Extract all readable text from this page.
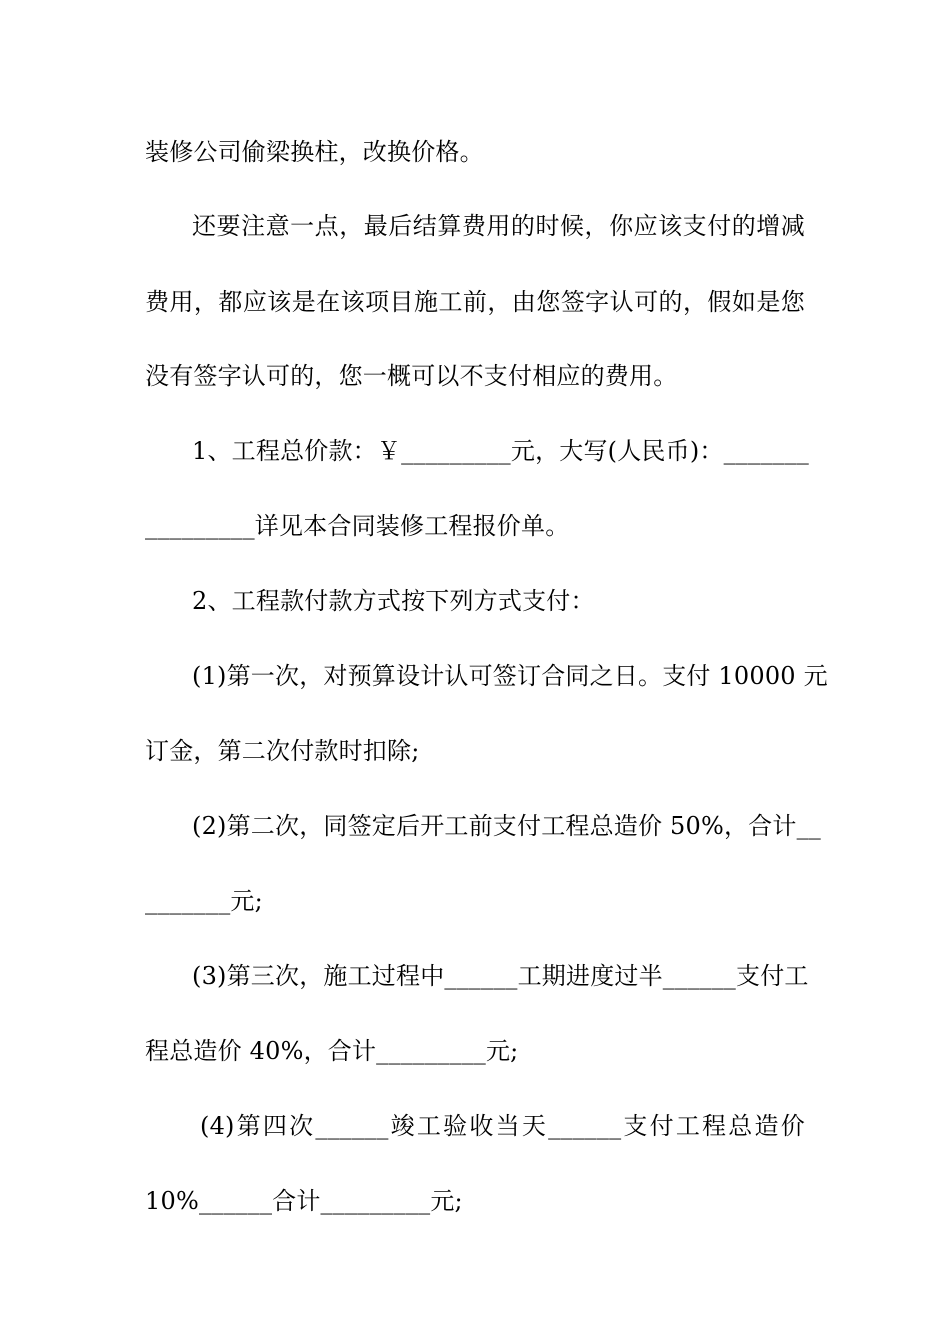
装修公司偷梁换柱，改换价格。
还要注意一点，最后结算费用的时候，你应该支付的增减
费用，都应该是在该项目施工前，由您签字认可的，假如是您
没有签字认可的，您一概可以不支付相应的费用。
1、工程总价款：￥_________元，大写(人民币)：_______
_________详见本合同装修工程报价单。
2、工程款付款方式按下列方式支付：
(1)第一次，对预算设计认可签订合同之日。支付 10000 元
订金，第二次付款时扣除;
(2)第二次，同签定后开工前支付工程总造价 50%，合计__
_______元;
(3)第三次，施工过程中______工期进度过半______支付工
程总造价 40%，合计_________元;
(4)第四次______竣工验收当天______支付工程总造价
10%______合计_________元;
